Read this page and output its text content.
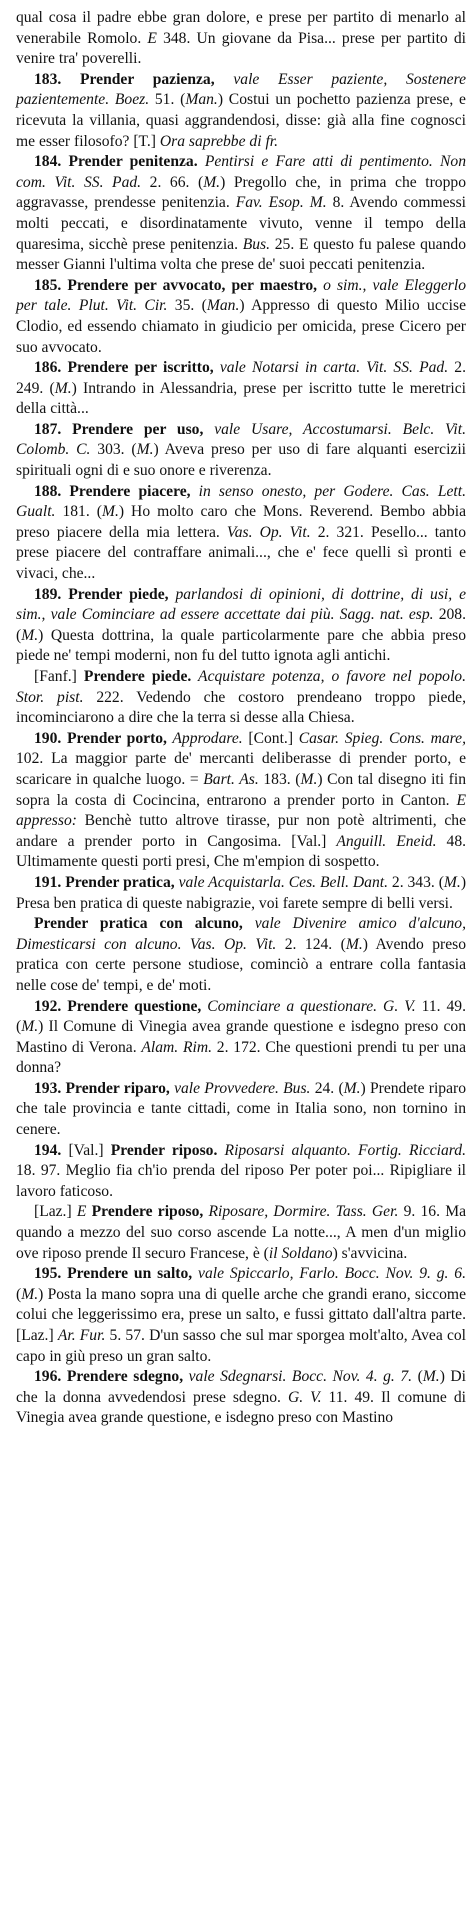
qual cosa il padre ebbe gran dolore, e prese per partito di menarlo al venerabile Romolo. E 348. Un giovane da Pisa... prese per partito di venire tra' poverelli.

183. Prender pazienza, vale Esser paziente, Sostenere pazientemente. Boez. 51. (Man.) Costui un pochetto pazienza prese, e ricevuta la villania, quasi aggrandendosi, disse: già alla fine cognosci me esser filosofo? [T.] Ora saprebbe di fr.

184. Prender penitenza. Pentirsi e Fare atti di pentimento. Non com. Vit. SS. Pad. 2. 66. (M.) Pregollo che, in prima che troppo aggravasse, prendesse penitenzia. Fav. Esop. M. 8. Avendo commessi molti peccati, e disordinatamente vivuto, venne il tempo della quaresima, sicchè prese penitenzia. Bus. 25. E questo fu palese quando messer Gianni l'ultima volta che prese de' suoi peccati penitenzia.

185. Prendere per avvocato, per maestro, o sim., vale Eleggerlo per tale. Plut. Vit. Cir. 35. (Man.) Appresso di questo Milio uccise Clodio, ed essendo chiamato in giudicio per omicida, prese Cicero per suo avvocato.

186. Prendere per iscritto, vale Notarsi in carta. Vit. SS. Pad. 2. 249. (M.) Intrando in Alessandria, prese per iscritto tutte le meretrici della città...

187. Prendere per uso, vale Usare, Accostumarsi. Belc. Vit. Colomb. C. 303. (M.) Aveva preso per uso di fare alquanti esercizii spirituali ogni di e suo onore e riverenza.

188. Prendere piacere, in senso onesto, per Godere. Cas. Lett. Gualt. 181. (M.) Ho molto caro che Mons. Reverend. Bembo abbia preso piacere della mia lettera. Vas. Op. Vit. 2. 321. Pesello... tanto prese piacere del contraffare animali..., che e' fece quelli sì pronti e vivaci, che...

189. Prender piede, parlandosi di opinioni, di dottrine, di usi, e sim., vale Cominciare ad essere accettate dai più. Sagg. nat. esp. 208. (M.) Questa dottrina, la quale particolarmente pare che abbia preso piede ne' tempi moderni, non fu del tutto ignota agli antichi.

[Fanf.] Prendere piede. Acquistare potenza, o favore nel popolo. Stor. pist. 222. Vedendo che costoro prendeano troppo piede, incominciarono a dire che la terra si desse alla Chiesa.

190. Prender porto, Approdare. [Cont.] Casar. Spieg. Cons. mare, 102. La maggior parte de' mercanti deliberasse di prender porto, e scaricare in qualche luogo. = Bart. As. 183. (M.) Con tal disegno iti fin sopra la costa di Cocincina, entrarono a prender porto in Canton. E appresso: Benchè tutto altrove tirasse, pur non potè altrimenti, che andare a prender porto in Cangosima. [Val.] Anguill. Eneid. 48. Ultimamente questi porti presi, Che m'empion di sospetto.

191. Prender pratica, vale Acquistarla. Ces. Bell. Dant. 2. 343. (M.) Presa ben pratica di queste nabigrazie, voi farete sempre di belli versi.

Prender pratica con alcuno, vale Divenire amico d'alcuno, Dimesticarsi con alcuno. Vas. Op. Vit. 2. 124. (M.) Avendo preso pratica con certe persone studiose, cominciò a entrare colla fantasia nelle cose de' tempi, e de' moti.

192. Prendere questione, Cominciare a questionare. G. V. 11. 49. (M.) Il Comune di Vinegia avea grande questione e isdegno preso con Mastino di Verona. Alam. Rim. 2. 172. Che questioni prendi tu per una donna?

193. Prender riparo, vale Provvedere. Bus. 24. (M.) Prendete riparo che tale provincia e tante cittadi, come in Italia sono, non tornino in cenere.

194. [Val.] Prender riposo. Riposarsi alquanto. Fortig. Ricciard. 18. 97. Meglio fia ch'io prenda del riposo Per poter poi... Ripigliare il lavoro faticoso.

[Laz.] E Prendere riposo, Riposare, Dormire. Tass. Ger. 9. 16. Ma quando a mezzo del suo corso ascende La notte..., A men d'un miglio ove riposo prende Il securo Francese, è (il Soldano) s'avvicina.

195. Prendere un salto, vale Spiccarlo, Farlo. Bocc. Nov. 9. g. 6. (M.) Posta la mano sopra una di quelle arche che grandi erano, siccome colui che leggerissimo era, prese un salto, e fussi gittato dall'altra parte. [Laz.] Ar. Fur. 5. 57. D'un sasso che sul mar sporgea molt'alto, Avea col capo in giù preso un gran salto.

196. Prendere sdegno, vale Sdegnarsi. Bocc. Nov. 4. g. 7. (M.) Di che la donna avvedendosi prese sdegno. G. V. 11. 49. Il comune di Vinegia avea grande questione, e isdegno preso con Mastino
